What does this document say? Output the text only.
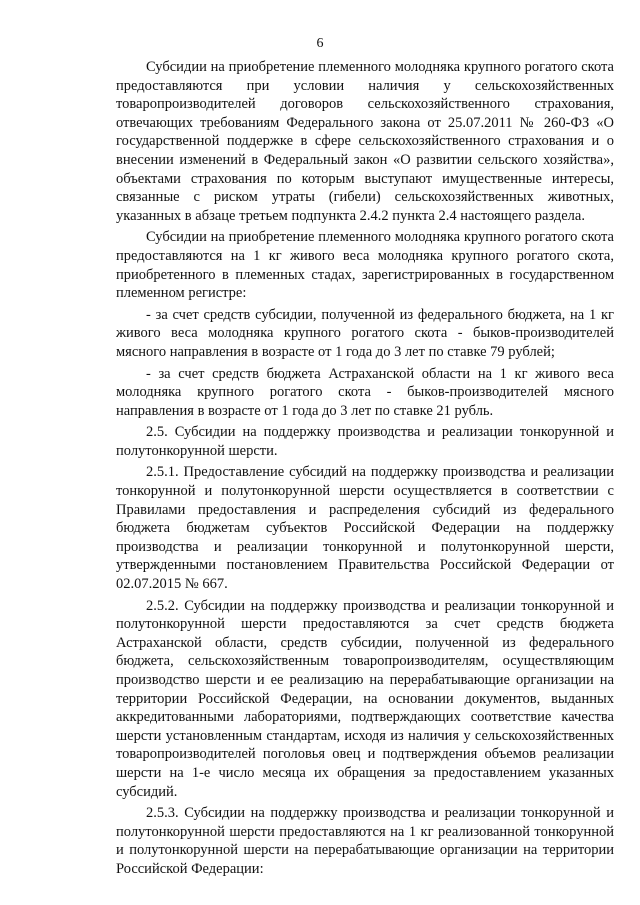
6

Субсидии на приобретение племенного молодняка крупного рогатого скота предоставляются при условии наличия у сельскохозяйственных товаропроизводителей договоров сельскохозяйственного страхования, отвечающих требованиям Федерального закона от 25.07.2011 № 260-ФЗ «О государственной поддержке в сфере сельскохозяйственного страхования и о внесении изменений в Федеральный закон «О развитии сельского хозяйства», объектами страхования по которым выступают имущественные интересы, связанные с риском утраты (гибели) сельскохозяйственных животных, указанных в абзаце третьем подпункта 2.4.2 пункта 2.4 настоящего раздела.

Субсидии на приобретение племенного молодняка крупного рогатого скота предоставляются на 1 кг живого веса молодняка крупного рогатого скота, приобретенного в племенных стадах, зарегистрированных в государственном племенном регистре:

- за счет средств субсидии, полученной из федерального бюджета, на 1 кг живого веса молодняка крупного рогатого скота - быков-производителей мясного направления в возрасте от 1 года до 3 лет по ставке 79 рублей;

- за счет средств бюджета Астраханской области на 1 кг живого веса молодняка крупного рогатого скота - быков-производителей мясного направления в возрасте от 1 года до 3 лет по ставке 21 рубль.

2.5. Субсидии на поддержку производства и реализации тонкорунной и полутонкорунной шерсти.

2.5.1. Предоставление субсидий на поддержку производства и реализации тонкорунной и полутонкорунной шерсти осуществляется в соответствии с Правилами предоставления и распределения субсидий из федерального бюджета бюджетам субъектов Российской Федерации на поддержку производства и реализации тонкорунной и полутонкорунной шерсти, утвержденными постановлением Правительства Российской Федерации от 02.07.2015 № 667.

2.5.2. Субсидии на поддержку производства и реализации тонкорунной и полутонкорунной шерсти предоставляются за счет средств бюджета Астраханской области, средств субсидии, полученной из федерального бюджета, сельскохозяйственным товаропроизводителям, осуществляющим производство шерсти и ее реализацию на перерабатывающие организации на территории Российской Федерации, на основании документов, выданных аккредитованными лабораториями, подтверждающих соответствие качества шерсти установленным стандартам, исходя из наличия у сельскохозяйственных товаропроизводителей поголовья овец и подтверждения объемов реализации шерсти на 1-е число месяца их обращения за предоставлением указанных субсидий.

2.5.3. Субсидии на поддержку производства и реализации тонкорунной и полутонкорунной шерсти предоставляются на 1 кг реализованной тонкорунной и полутонкорунной шерсти на перерабатывающие организации на территории Российской Федерации:
